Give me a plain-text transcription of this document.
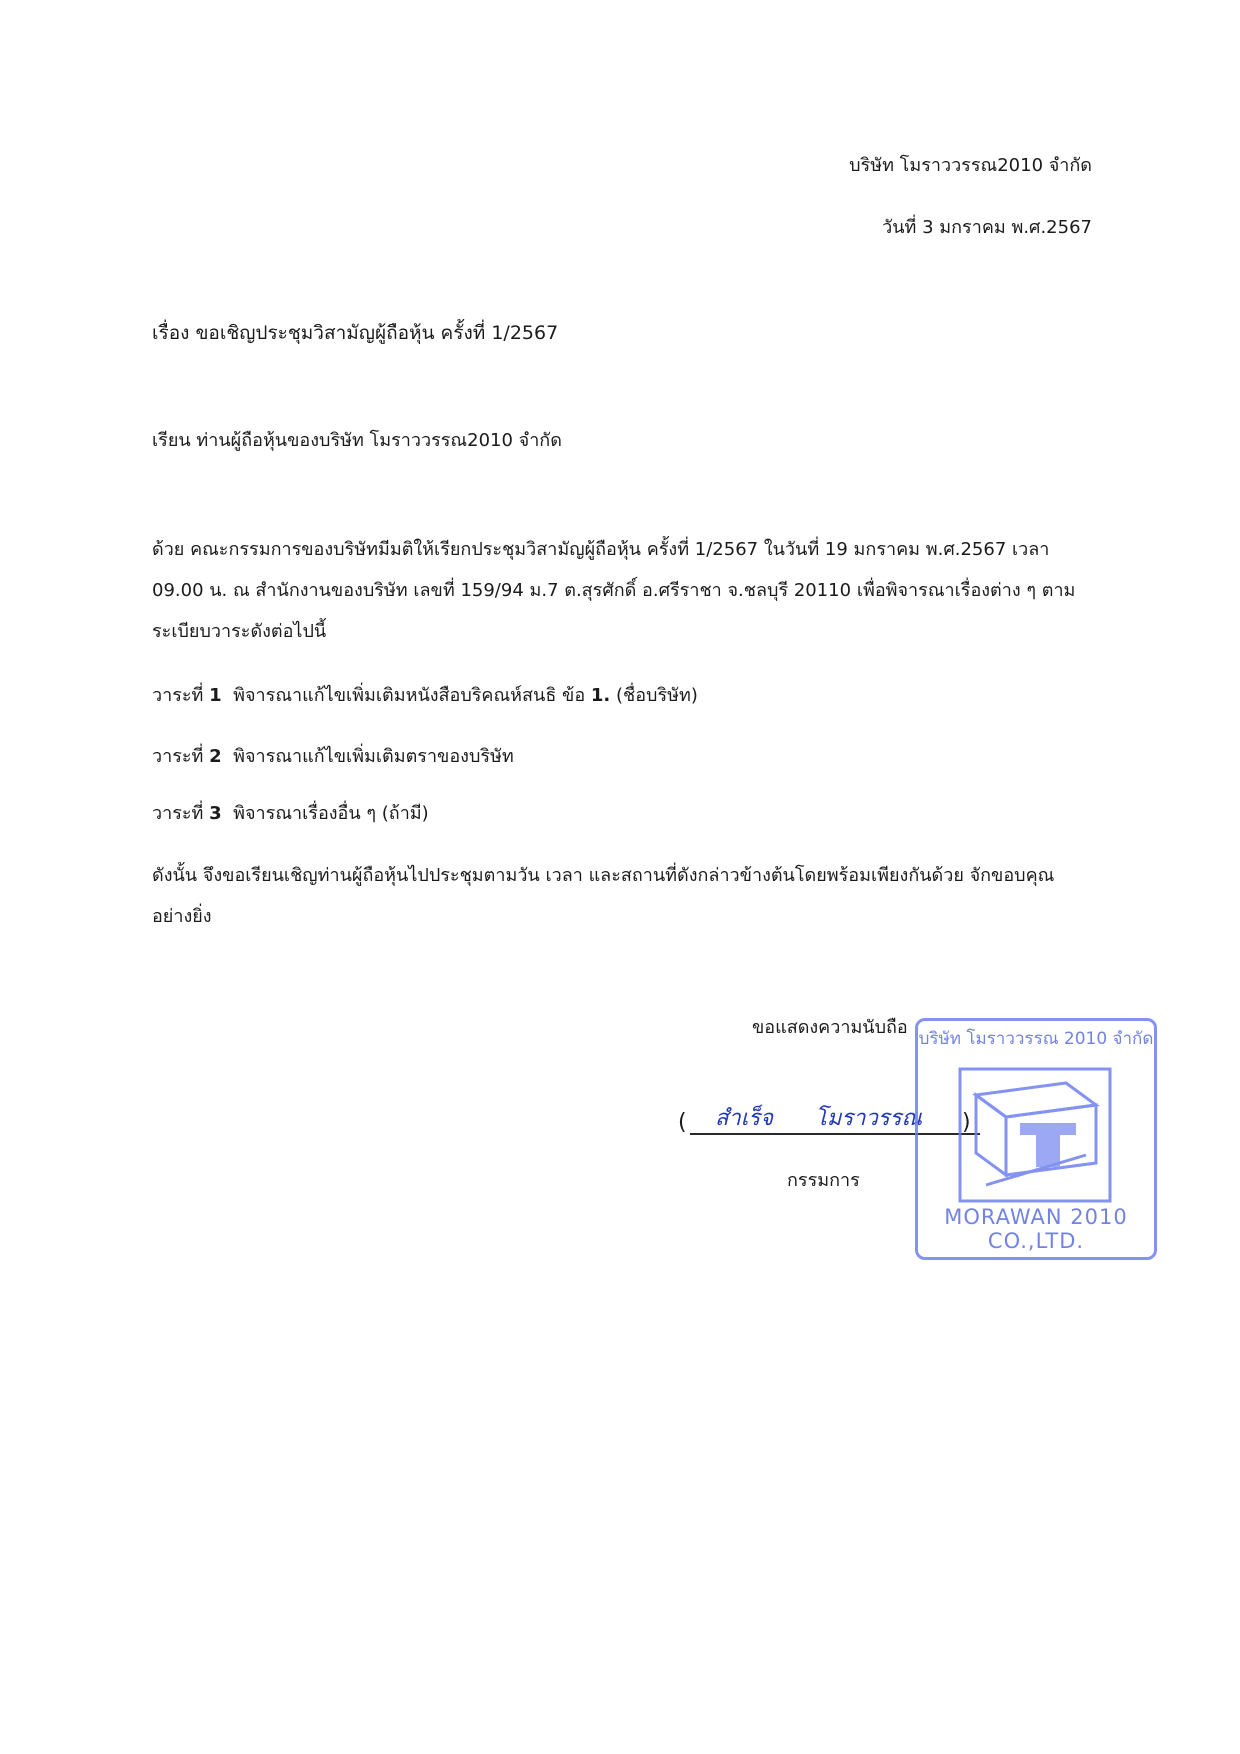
บริษัท โมราววรรณ2010 จำกัด
วันที่ 3 มกราคม พ.ศ.2567
เรื่อง ขอเชิญประชุมวิสามัญผู้ถือหุ้น ครั้งที่ 1/2567
เรียน ท่านผู้ถือหุ้นของบริษัท โมราววรรณ2010 จำกัด
ด้วย คณะกรรมการของบริษัทมีมติให้เรียกประชุมวิสามัญผู้ถือหุ้น ครั้งที่ 1/2567 ในวันที่ 19 มกราคม พ.ศ.2567 เวลา
09.00 น. ณ สำนักงานของบริษัท เลขที่ 159/94 ม.7 ต.สุรศักดิ์ อ.ศรีราชา จ.ชลบุรี 20110 เพื่อพิจารณาเรื่องต่าง ๆ ตาม
ระเบียบวาระดังต่อไปนี้
วาระที่ 1 พิจารณาแก้ไขเพิ่มเติมหนังสือบริคณห์สนธิ ข้อ 1. (ชื่อบริษัท)
วาระที่ 2 พิจารณาแก้ไขเพิ่มเติมตราของบริษัท
วาระที่ 3 พิจารณาเรื่องอื่น ๆ (ถ้ามี)
ดังนั้น จึงขอเรียนเชิญท่านผู้ถือหุ้นไปประชุมตามวัน เวลา และสถานที่ดังกล่าวข้างต้นโดยพร้อมเพียงกันด้วย จักขอบคุณ
อย่างยิ่ง
ขอแสดงความนับถือ
( สำเร็จ โมราวรรณ )
กรรมการ
บริษัท โมราววรรณ 2010 จำกัด
MORAWAN 2010 CO.,LTD.
